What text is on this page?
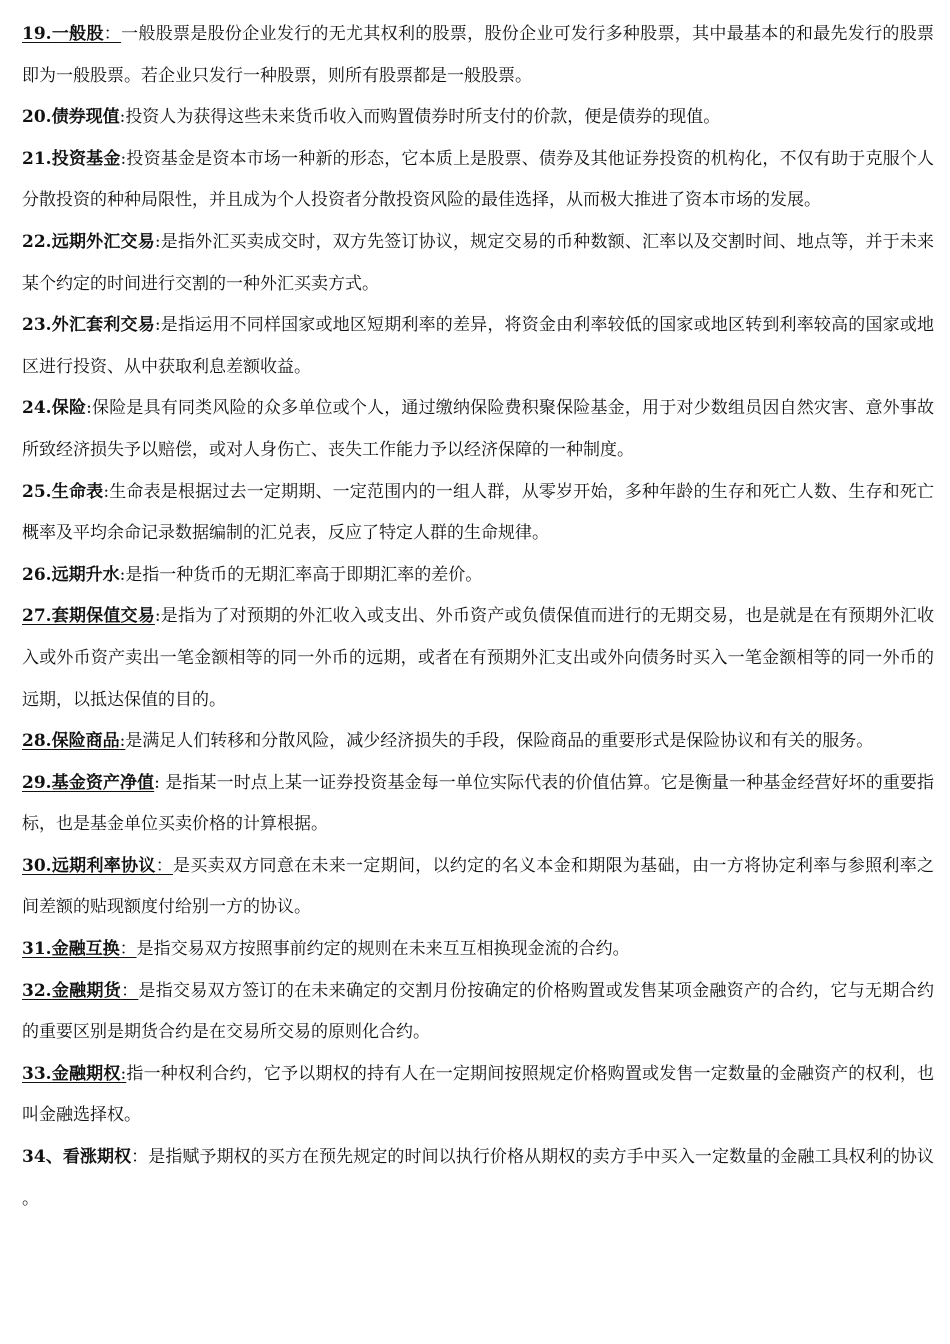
19.一般股：一般股票是股份企业发行的无尤其权利的股票，股份企业可发行多种股票，其中最基本的和最先发行的股票即为一般股票。若企业只发行一种股票，则所有股票都是一般股票。

20.债券现值:投资人为获得这些未来货币收入而购置债券时所支付的价款，便是债券的现值。

21.投资基金:投资基金是资本市场一种新的形态，它本质上是股票、债券及其他证券投资的机构化，不仅有助于克服个人分散投资的种种局限性，并且成为个人投资者分散投资风险的最佳选择，从而极大推进了资本市场的发展。

22.远期外汇交易:是指外汇买卖成交时，双方先签订协议，规定交易的币种数额、汇率以及交割时间、地点等，并于未来某个约定的时间进行交割的一种外汇买卖方式。

23.外汇套利交易:是指运用不同样国家或地区短期利率的差异，将资金由利率较低的国家或地区转到利率较高的国家或地区进行投资、从中获取利息差额收益。

24.保险:保险是具有同类风险的众多单位或个人，通过缴纳保险费积聚保险基金，用于对少数组员因自然灾害、意外事故所致经济损失予以赔偿，或对人身伤亡、丧失工作能力予以经济保障的一种制度。

25.生命表:生命表是根据过去一定期期、一定范围内的一组人群，从零岁开始，多种年龄的生存和死亡人数、生存和死亡概率及平均余命记录数据编制的汇兑表，反应了特定人群的生命规律。

26.远期升水:是指一种货币的无期汇率高于即期汇率的差价。

27.套期保值交易:是指为了对预期的外汇收入或支出、外币资产或负债保值而进行的无期交易，也是就是在有预期外汇收入或外币资产卖出一笔金额相等的同一外币的远期，或者在有预期外汇支出或外向债务时买入一笔金额相等的同一外币的远期，以抵达保值的目的。

28.保险商品:是满足人们转移和分散风险，减少经济损失的手段，保险商品的重要形式是保险协议和有关的服务。

29.基金资产净值: 是指某一时点上某一证券投资基金每一单位实际代表的价值估算。它是衡量一种基金经营好坏的重要指标，也是基金单位买卖价格的计算根据。

30.远期利率协议：是买卖双方同意在未来一定期间，以约定的名义本金和期限为基础，由一方将协定利率与参照利率之间差额的贴现额度付给别一方的协议。

31.金融互换：是指交易双方按照事前约定的规则在未来互互相换现金流的合约。

32.金融期货：是指交易双方签订的在未来确定的交割月份按确定的价格购置或发售某项金融资产的合约，它与无期合约的重要区别是期货合约是在交易所交易的原则化合约。

33.金融期权:指一种权利合约，它予以期权的持有人在一定期间按照规定价格购置或发售一定数量的金融资产的权利，也叫金融选择权。

34、看涨期权：是指赋予期权的买方在预先规定的时间以执行价格从期权的卖方手中买入一定数量的金融工具权利的协议。
